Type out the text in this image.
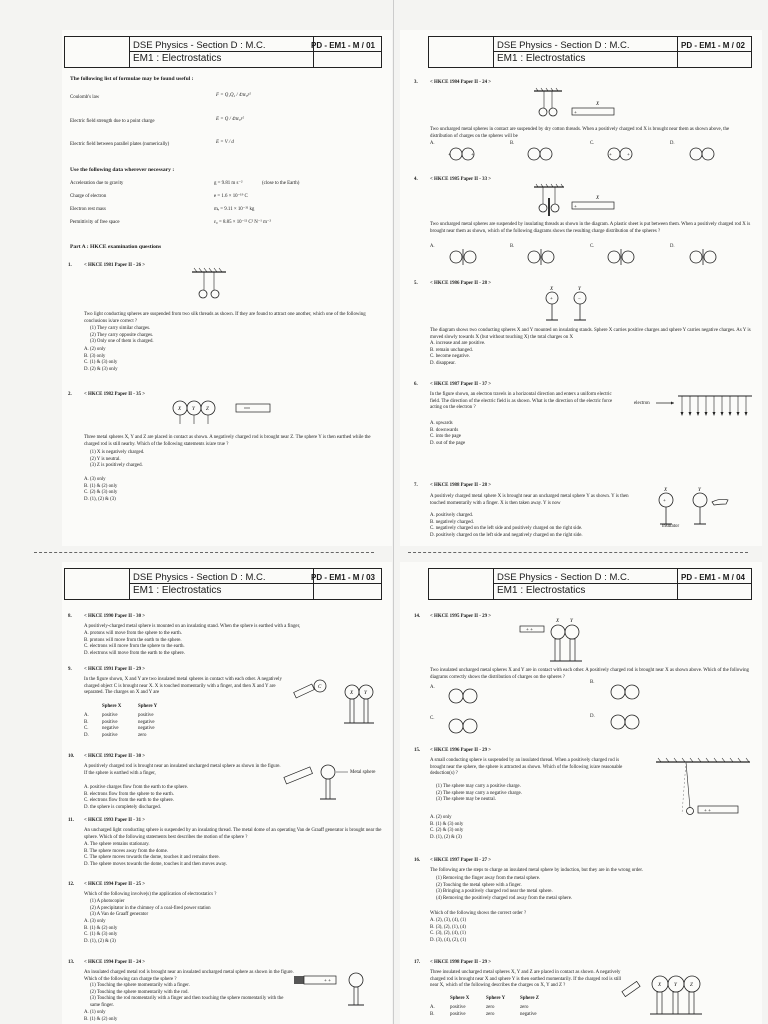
DSE Physics - Section D : M.C.
EM1 : Electrostatics
PD - EM1 - M / 01
The following list of formulae may be found useful :
Coulomb's law	F = Q₁Q₂ / 4πε₀r²
Electric field strength due to a point charge	E = Q / 4πε₀r²
Electric field between parallel plates (numerically)	E = V / d
Use the following data wherever necessary :
Acceleration due to gravity	g = 9.81 m s⁻²	(close to the Earth)
Charge of electron	e = 1.6 × 10⁻¹⁹ C
Electron rest mass	mₑ = 9.11 × 10⁻³¹ kg
Permittivity of free space	ε₀ = 8.85 × 10⁻¹² C² N⁻¹ m⁻²
Part A : HKCE examination questions
1.	< HKCE 1981 Paper II - 26 >
Two light conducting spheres are suspended from two silk threads as shown. If they are found to attract one another, which one of the following conclusions is/are correct ?
(1) They carry similar charges.
(2) They carry opposite charges.
(3) Only one of them is charged.
A. (2) only
B. (3) only
C. (1) & (3) only
D. (2) & (3) only
2.	< HKCE 1982 Paper II - 35 >
X Y Z
Three metal spheres X, Y and Z are placed in contact as shown. A negatively charged rod is brought near Z. The sphere Y is then earthed while the charged rod is still nearby. Which of the following statements is/are true ?
(1) X is negatively charged.
(2) Y is neutral.
(3) Z is positively charged.
A. (3) only
B. (1) & (2) only
C. (2) & (3) only
D. (1), (2) & (3)
DSE Physics - Section D : M.C.
EM1 : Electrostatics
PD - EM1 - M / 02
3.	< HKCE 1984 Paper II - 24 >
+
X
Two uncharged metal spheres in contact are suspended by dry cotton threads. When a positively charged rod X is brought near them as shown above, the distribution of charges on the spheres will be
A.	B.	C.	D.
+	+	+	+
4.	< HKCE 1985 Paper II - 33 >
+
X
Two uncharged metal spheres are suspended by insulating threads as shown in the diagram. A plastic sheet is put between them. When a positively charged rod X is brought near them as shown, which of the following diagrams shows the resulting charge distribution of the spheres ?
A.	B.	C.	D.
5.	< HKCE 1986 Paper II - 28 >
+	−
X	Y
The diagram shows two conducting spheres X and Y mounted on insulating stands. Sphere X carries positive charges and sphere Y carries negative charges. As Y is moved slowly towards X (but without touching X) the total charges on X
A. increase and are positive.
B. remain unchanged.
C. become negative.
D. disappear.
6.	< HKCE 1987 Paper II - 37 >
In the figure shown, an electron travels in a horizontal direction and enters a uniform electric field. The direction of the electric field is as shown. What is the direction of the electric force acting on the electron ?
A. upwards
B. downwards
C. into the page
D. out of the page
electron
7.	< HKCE 1988 Paper II - 28 >
A positively charged metal sphere X is brought near an uncharged metal sphere Y as shown. Y is then touched momentarily with a finger. X is then taken away. Y is now
A. positively charged.
B. negatively charged.
C. negatively charged on the left side and positively charged on the right side.
D. positively charged on the left side and negatively charged on the right side.
+
X	Y
insulator
DSE Physics - Section D : M.C.
EM1 : Electrostatics
PD - EM1 - M / 03
8.	< HKCE 1990 Paper II - 30 >
A positively-charged metal sphere is mounted on an insulating stand. When the sphere is earthed with a finger,
A. protons will move from the sphere to the earth.
B. protons will move from the earth to the sphere.
C. electrons will move from the sphere to the earth.
D. electrons will move from the earth to the sphere.
9.	< HKCE 1991 Paper II - 29 >
In the figure shown, X and Y are two insulated metal spheres in contact with each other. A negatively charged object C is brought near X. X is touched momentarily with a finger, and then X and Y are separated. The charges on X and Y are
Sphere X	Sphere Y
A.	positive	positive
B.	positive	negative
C.	negative	negative
D.	positive	zero
C
X Y
10. < HKCE 1992 Paper II - 30 >
A positively charged rod is brought near an insulated uncharged metal sphere as shown in the figure. If the sphere is earthed with a finger,
A. positive charges flow from the earth to the sphere.
B. electrons flow from the sphere to the earth.
C. electrons flow from the earth to the sphere.
D. the sphere is completely discharged.
Metal sphere
11. < HKCE 1993 Paper II - 31 >
An uncharged light conducting sphere is suspended by an insulating thread. The metal dome of an operating Van de Graaff generator is brought near the sphere. Which of the following statements best describes the motion of the sphere ?
A. The sphere remains stationary.
B. The sphere moves away from the dome.
C. The sphere moves towards the dome, touches it and remains there.
D. The sphere moves towards the dome, touches it and then moves away.
12. < HKCE 1994 Paper II - 25 >
Which of the following involve(s) the application of electrostatics ?
(1) A photocopier
(2) A precipitator in the chimney of a coal-fired power station
(3) A Van de Graaff generator
A. (3) only
B. (1) & (2) only
C. (1) & (3) only
D. (1), (2) & (3)
13. < HKCE 1994 Paper II - 24 >
An insulated charged metal rod is brought near an insulated uncharged metal sphere as shown in the figure. Which of the following can charge the sphere ?
(1) Touching the sphere momentarily with a finger.
(2) Touching the sphere momentarily with the rod.
(3) Touching the rod momentarily with a finger and then touching the sphere momentarily with the same finger.
A. (1) only
B. (1) & (2) only
+ +
DSE Physics - Section D : M.C.
EM1 : Electrostatics
PD - EM1 - M / 04
14. < HKCE 1995 Paper II - 29 >
+ +
X Y
Two insulated uncharged metal spheres X and Y are in contact with each other. A positively charged rod is brought near X as shown above. Which of the following diagrams correctly shows the distribution of charges on the spheres ?
A.
B.
C.	D.
15. < HKCE 1996 Paper II - 29 >
A small conducting sphere is suspended by an insulated thread. When a positively charged rod is brought near the sphere, the sphere is attracted as shown. Which of the following is/are reasonable deduction(s) ?
(1) The sphere may carry a positive charge.
(2) The sphere may carry a negative charge.
(3) The sphere may be neutral.
A. (2) only
B. (1) & (3) only
C. (2) & (3) only
D. (1), (2) & (3)
+ +
16. < HKCE 1997 Paper II - 27 >
The following are the steps to charge an insulated metal sphere by induction, but they are in the wrong order.
(1) Removing the finger away from the metal sphere.
(2) Touching the metal sphere with a finger.
(3) Bringing a positively charged rod near the metal sphere.
(4) Removing the positively charged rod away from the metal sphere.
Which of the following shows the correct order ?
A. (2), (3), (4), (1)
B. (3), (2), (1), (4)
C. (3), (2), (4), (1)
D. (3), (4), (2), (1)
17. < HKCE 1998 Paper II - 29 >
Three insulated uncharged metal spheres X, Y and Z are placed in contact as shown. A negatively charged rod is brought near X and sphere Y is then earthed momentarily. If the charged rod is still near X, which of the following describes the charges on X, Y and Z ?
Sphere X	Sphere Y	Sphere Z
A.	positive	zero	zero
B.	positive	zero	negative
X	Y	Z
